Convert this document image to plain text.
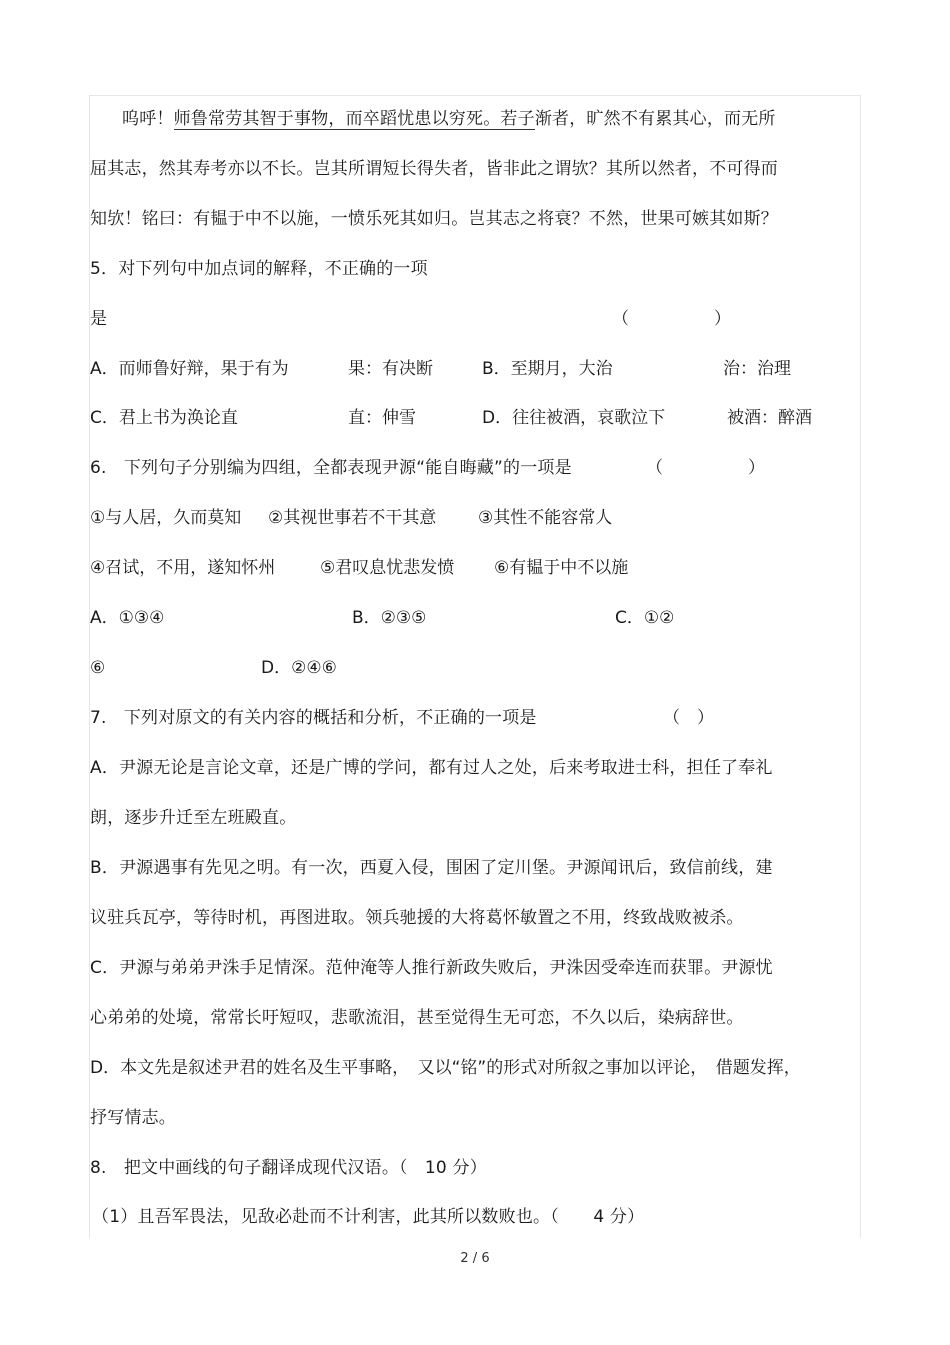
呜呼！师鲁常劳其智于事物，而卒蹈忧患以穷死。若子渐者，旷然不有累其心，而无所
屈其志，然其寿考亦以不长。岂其所谓短长得失者，皆非此之谓欤？其所以然者，不可得而
知欤！铭曰：有韫于中不以施，一愤乐死其如归。岂其志之将衰？不然，世果可嫉其如斯？
5．对下列句中加点词的解释，不正确的一项
是	（　　　　　）
A．而师鲁好辩，果于有为	果：有决断	B．至期月，大治	治：治理
C．君上书为涣论直	直：伸雪	D．往往被酒，哀歌泣下	被酒：醉酒
6.　下列句子分别编为四组，全都表现尹源“能自晦藏”的一项是	（　　　　　）
①与人居，久而莫知 ②其视世事若不干其意 ③其性不能容常人
④召试，不用，遂知怀州	⑤君叹息忧悲发愤 ⑥有韫于中不以施
A．①③④	B．②③⑤	C．①②
⑥	D．②④⑥
7.　下列对原文的有关内容的概括和分析，不正确的一项是	（　）
A．尹源无论是言论文章，还是广博的学问，都有过人之处，后来考取进士科，担任了奉礼
朗，逐步升迁至左班殿直。
B．尹源遇事有先见之明。有一次，西夏入侵，围困了定川堡。尹源闻讯后，致信前线，建
议驻兵瓦亭，等待时机，再图进取。领兵驰援的大将葛怀敏置之不用，终致战败被杀。
C．尹源与弟弟尹洙手足情深。范仲淹等人推行新政失败后，尹洙因受牵连而获罪。尹源忧
心弟弟的处境，常常长吁短叹，悲歌流泪，甚至觉得生无可恋，不久以后，染病辞世。
D．本文先是叙述尹君的姓名及生平事略，　又以“铭”的形式对所叙之事加以评论，　借题发挥，
抒写情志。
8.　把文中画线的句子翻译成现代汉语。（　10 分）
（1）且吾军畏法，见敌必赴而不计利害，此其所以数败也。（　　4 分）
2 / 6
